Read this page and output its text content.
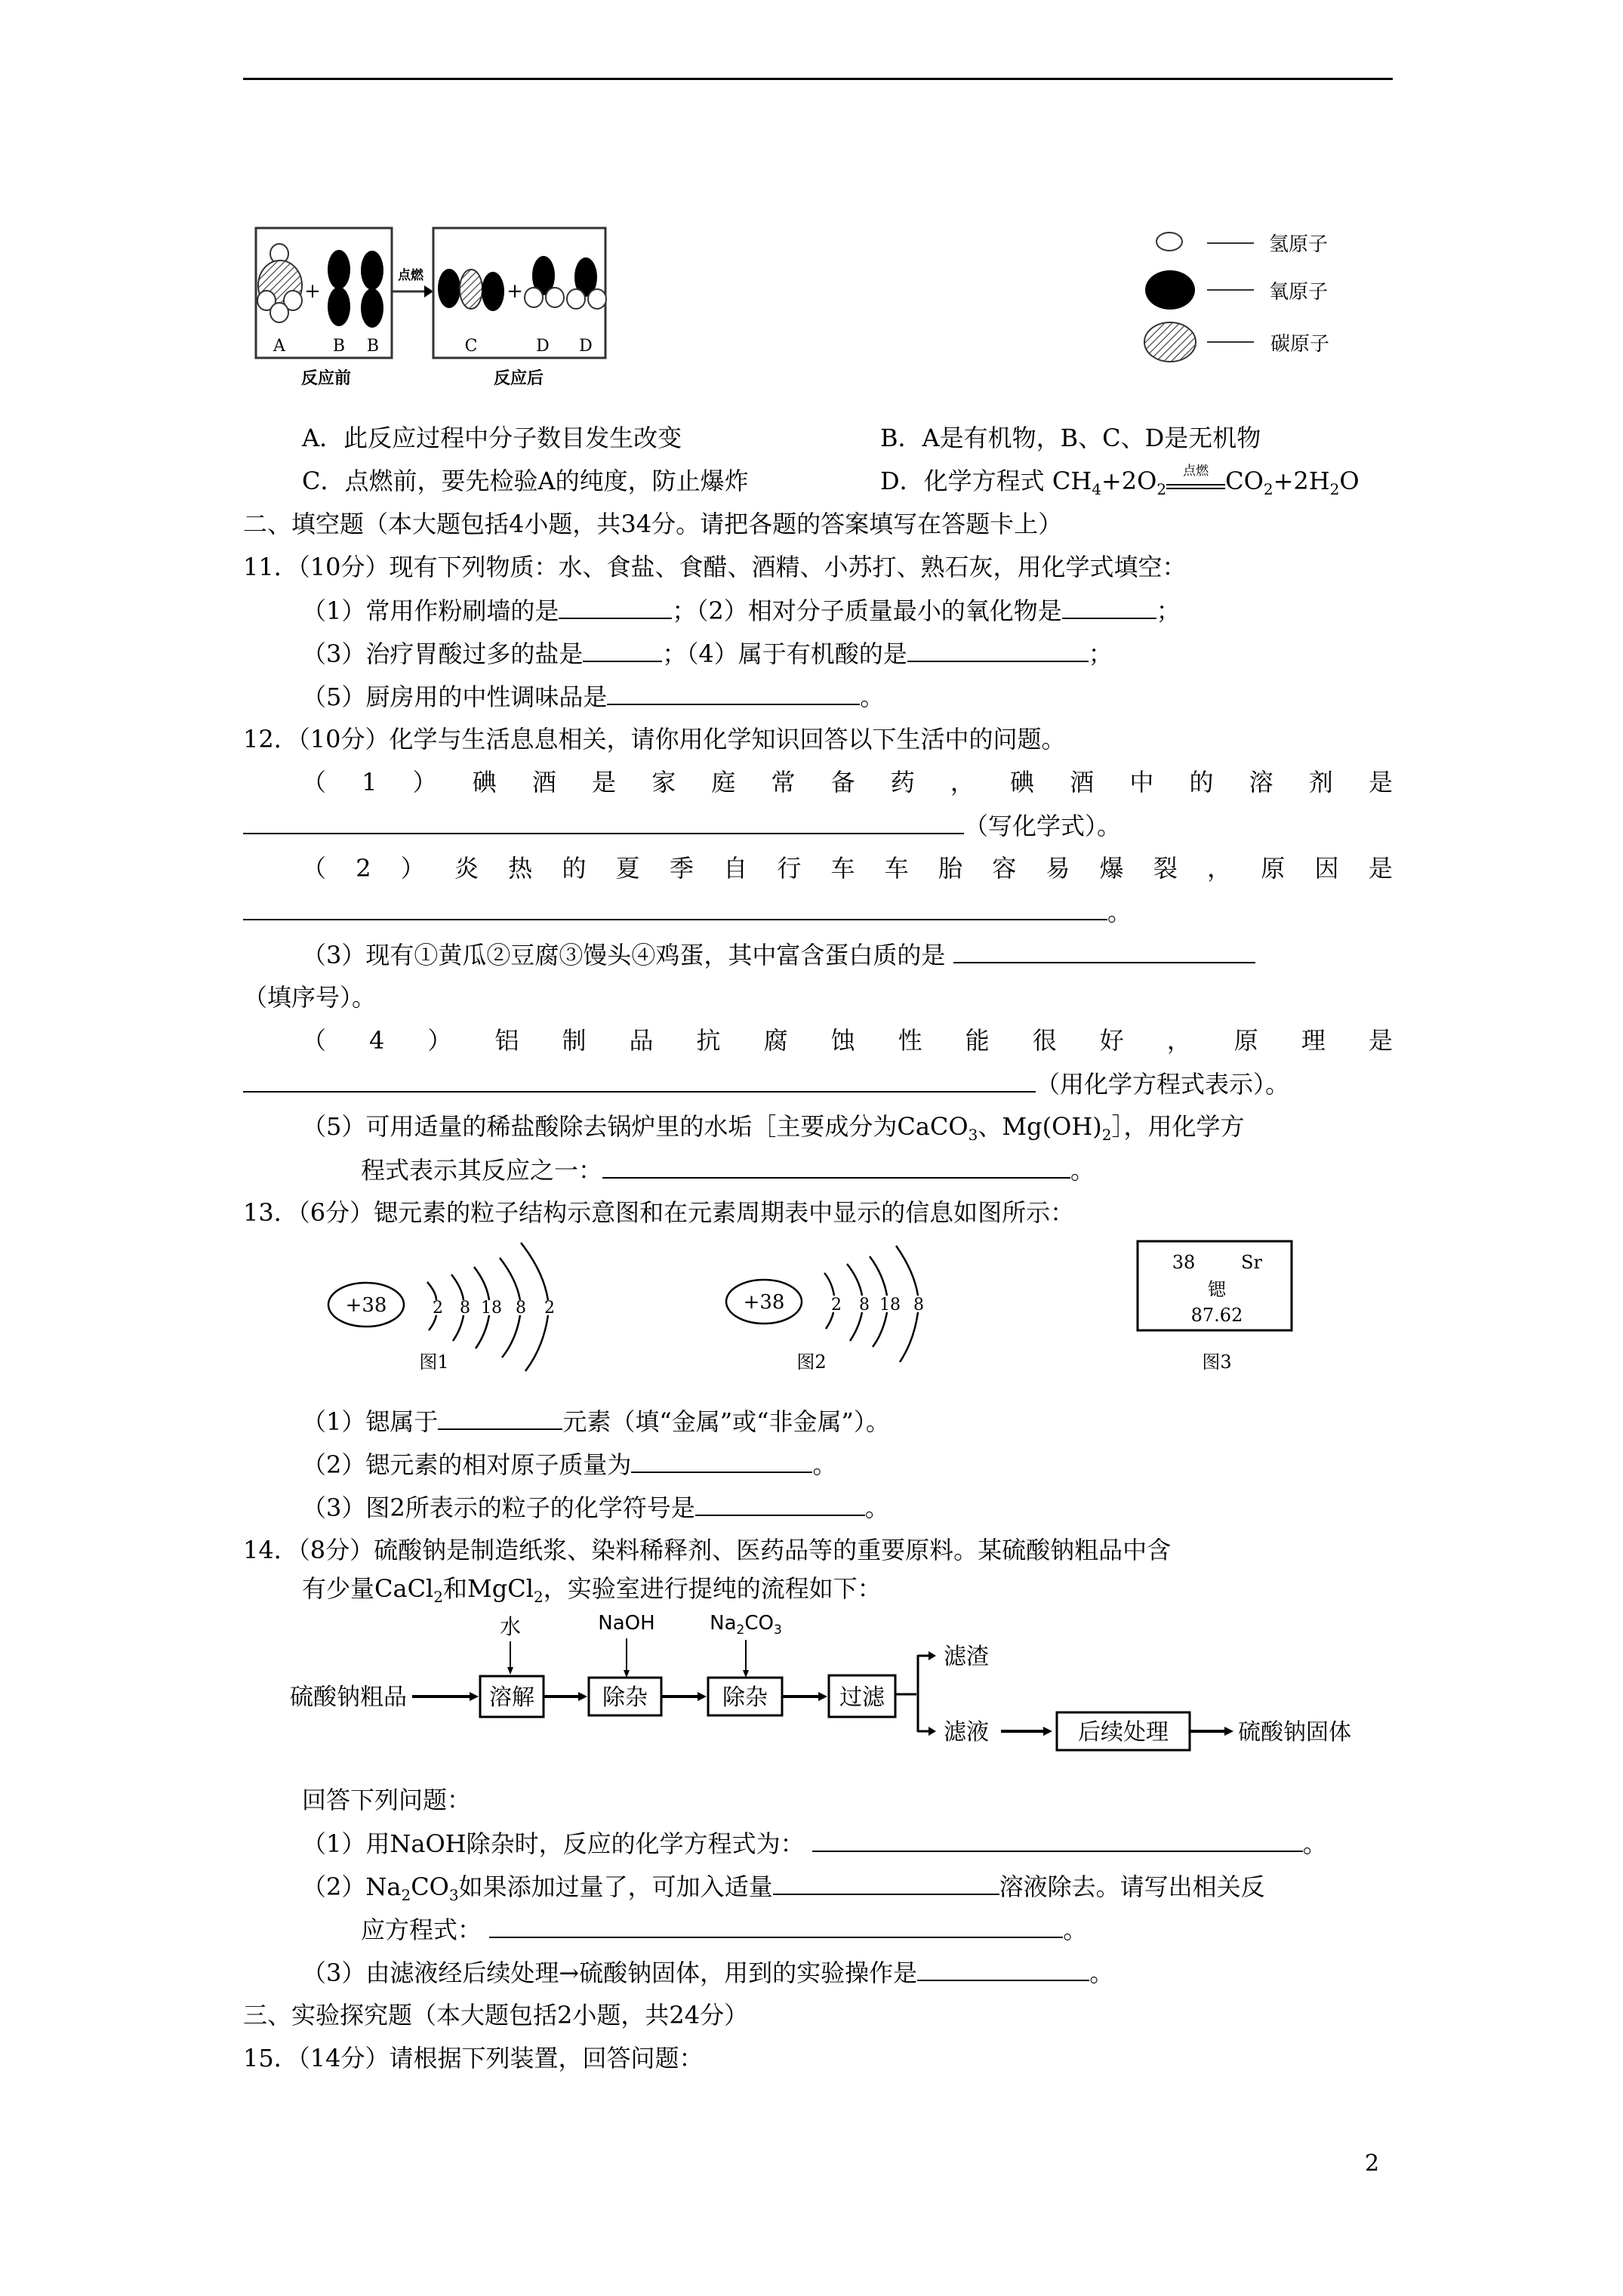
+
A	B B
反应前
点燃
+
C	D D
反应后
氢原子
氧原子
碳原子
A．此反应过程中分子数目发生改变	B．A是有机物，B、C、D是无机物
C．点燃前，要先检验A的纯度，防止爆炸	D．化学方程式 $CH_4+2O_2$
点燃 $CO_2+2H_2O$
二、填空题（本大题包括4小题，共34分。请把各题的答案填写在答题卡上）
11．（10分）现有下列物质：水、食盐、食醋、酒精、小苏打、熟石灰，用化学式填空：
（1）常用作粉刷墙的是	；（2）相对分子质量最小的氧化物是	；
（3）治疗胃酸过多的盐是	；（4）属于有机酸的是	；
（5）厨房用的中性调味品是	。
12．（10分）化学与生活息息相关，请你用化学知识回答以下生活中的问题。
（ 1 ） 碘 酒 是 家 庭 常 备 药 ， 碘 酒 中 的 溶 剂 是
（写化学式）。
（ 2 ） 炎 热 的 夏 季 自 行 车 车 胎 容 易 爆 裂 ， 原 因 是
。
（3）现有①黄瓜②豆腐③馒头④鸡蛋，其中富含蛋白质的是
（填序号）。
（ 4 ） 铝 制 品 抗 腐 蚀 性 能 很 好 ， 原 理 是
（用化学方程式表示）。
（5）可用适量的稀盐酸除去锅炉里的水垢［主要成分为CaCO$_3$、$Mg(OH)_2]$，用化学方
程式表示其反应之一：	。
13．（6分）锶元素的粒子结构示意图和在元素周期表中显示的信息如图所示：
+38	2 8 18 8 2
图1
+38	2 8 18 8
图2
38	Sr
锶
87.62
图3
（1）锶属于	元素（填“金属”或“非金属”）。
（2）锶元素的相对原子质量为	。
（3）图2所表示的粒子的化学符号是	。
14．（8分）硫酸钠是制造纸浆、染料稀释剂、医药品等的重要原料。某硫酸钠粗品中含
有少量CaCl$_2$和MgCl$_2$，实验室进行提纯的流程如下：
水	NaOH	$Na_2CO_3$
硫酸钠粗品	溶解	除杂	除杂	过滤
滤渣
滤液	后续处理	硫酸钠固体
回答下列问题：
（1）用NaOH除杂时，反应的化学方程式为：	。
$(2)Na_2CO_3$如果添加过量了，可加入适量	溶液除去。请写出相关反
应方程式：	。
（3）由滤液经后续处理→硫酸钠固体，用到的实验操作是	。
三、实验探究题（本大题包括2小题，共24分）
15．（14分）请根据下列装置，回答问题：
2
